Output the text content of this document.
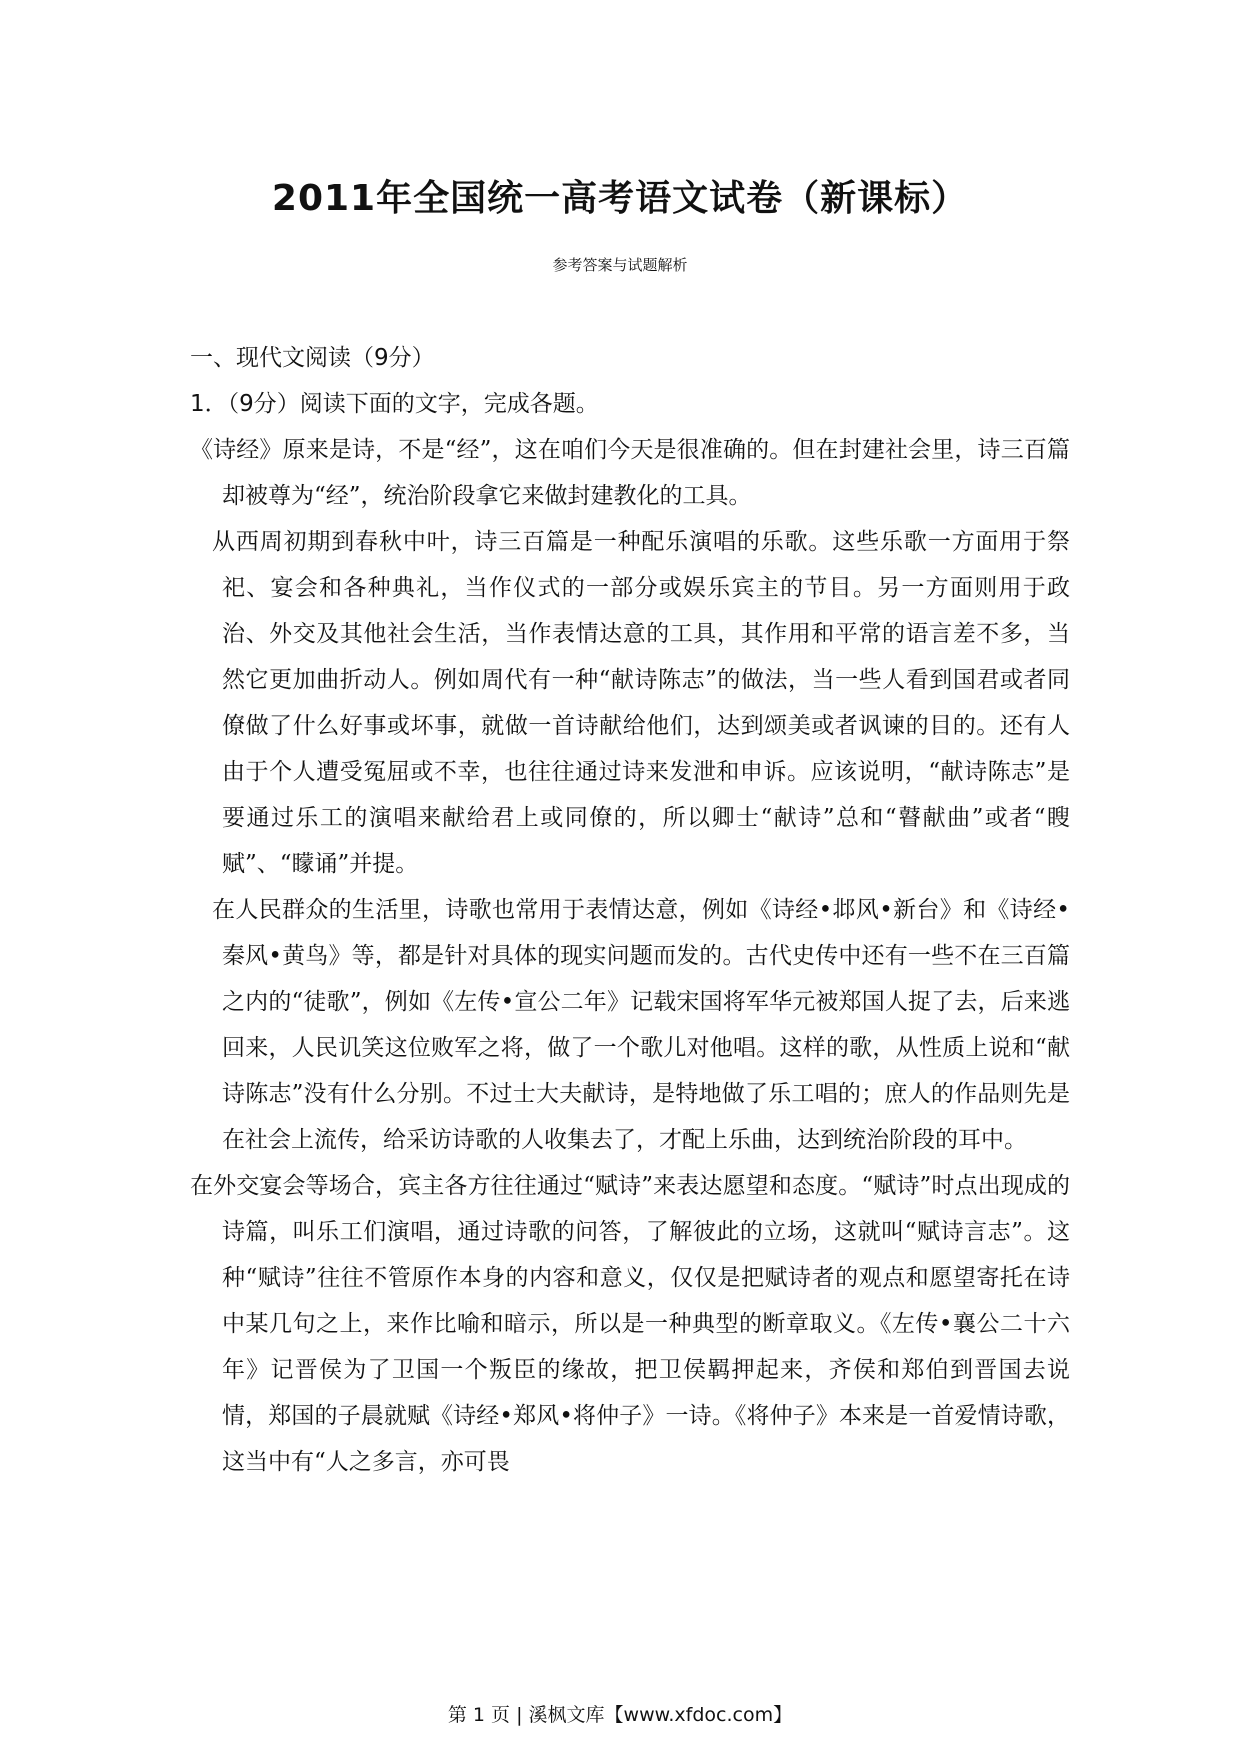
2011年全国统一高考语文试卷（新课标）
参考答案与试题解析
一、现代文阅读（9分）
1．（9分）阅读下面的文字，完成各题。

《诗经》原来是诗，不是“经”，这在咱们今天是很准确的。但在封建社会里，诗三百篇却被尊为“经”，统治阶段拿它来做封建教化的工具。

从西周初期到春秋中叶，诗三百篇是一种配乐演唱的乐歌。这些乐歌一方面用于祭祀、宴会和各种典礼，当作仪式的一部分或娱乐宾主的节目。另一方面则用于政治、外交及其他社会生活，当作表情达意的工具，其作用和平常的语言差不多，当然它更加曲折动人。例如周代有一种“献诗陈志”的做法，当一些人看到国君或者同僚做了什么好事或坏事，就做一首诗献给他们，达到颂美或者讽谏的目的。还有人由于个人遭受冤屈或不幸，也往往通过诗来发泄和申诉。应该说明，“献诗陈志”是要通过乐工的演唱来献给君上或同僚的，所以卿士“献诗”总和“瞽献曲”或者“瞍赋”、“矇诵”并提。

在人民群众的生活里，诗歌也常用于表情达意，例如《诗经•邶风•新台》和《诗经•秦风•黄鸟》等，都是针对具体的现实问题而发的。古代史传中还有一些不在三百篇之内的“徒歌”，例如《左传•宣公二年》记载宋国将军华元被郑国人捉了去，后来逃回来，人民讥笑这位败军之将，做了一个歌儿对他唱。这样的歌，从性质上说和“献诗陈志”没有什么分别。不过士大夫献诗，是特地做了乐工唱的；庶人的作品则先是在社会上流传，给采访诗歌的人收集去了，才配上乐曲，达到统治阶段的耳中。

在外交宴会等场合，宾主各方往往通过“赋诗”来表达愿望和态度。“赋诗”时点出现成的诗篇，叫乐工们演唱，通过诗歌的问答，了解彼此的立场，这就叫“赋诗言志”。这种“赋诗”往往不管原作本身的内容和意义，仅仅是把赋诗者的观点和愿望寄托在诗中某几句之上，来作比喻和暗示，所以是一种典型的断章取义。《左传•襄公二十六年》记晋侯为了卫国一个叛臣的缘故，把卫侯羁押起来，齐侯和郑伯到晋国去说情，郑国的子晨就赋《诗经•郑风•将仲子》一诗。《将仲子》本来是一首爱情诗歌，这当中有“人之多言，亦可畏

第 1 页 | 溪枫文库【www.xfdoc.com】
